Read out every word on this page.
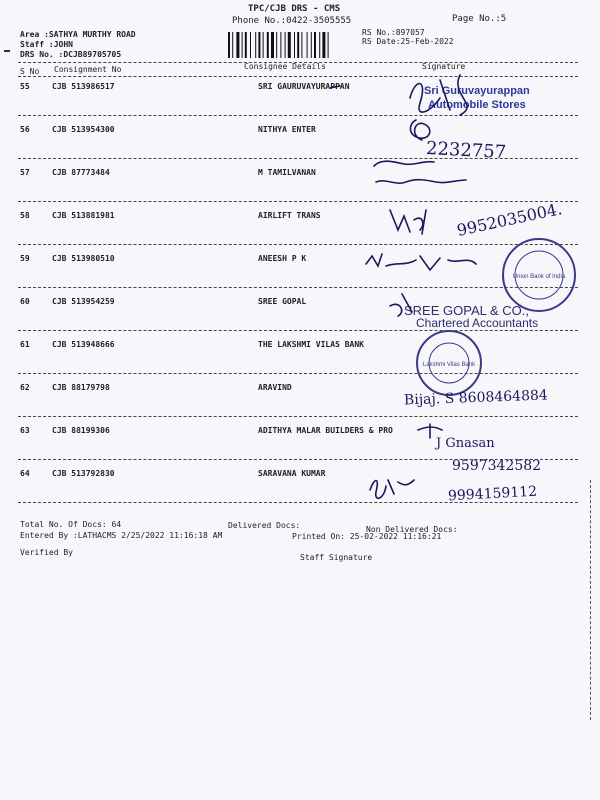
TPC/CJB DRS - CMS
Phone No.:0422-3505555	Page No.:5
Area :SATHYA MURTHY ROAD
Staff :JOHN
DRS No. :DCJB89705705
RS No.:897057
RS Date:25-Feb-2022
S No Consignment No	Consignee Details	Signature
55	CJB 513986517	SRI GAURUVAYURAPPAN
56	CJB 513954300	NITHYA ENTER
57	CJB 87773484	M TAMILVANAN
58	CJB 513881981	AIRLIFT TRANS
59	CJB 513980510	ANEESH P K
60	CJB 513954259	SREE GOPAL
61	CJB 513948666	THE LAKSHMI VILAS BANK
62	CJB 88179798	ARAVIND
63	CJB 88199306	ADITHYA MALAR BUILDERS & PRO
64	CJB 513792830	SARAVANA KUMAR
Sri Guruvayurappan
Automobile Stores
Union Bank of India
SREE GOPAL & CO.,
Chartered Accountants
Lakshmi Vilas Bank
2232757
9952035004.
Bijaj. S 8608464884
J Gnasan
9597342582
9994159112
Total No. Of Docs: 64	Delivered Docs:	Non Delivered Docs:
Entered By :LATHACMS 2/25/2022 11:16:18 AM	Printed On: 25-02-2022 11:16:21
Verified By
Staff Signature
